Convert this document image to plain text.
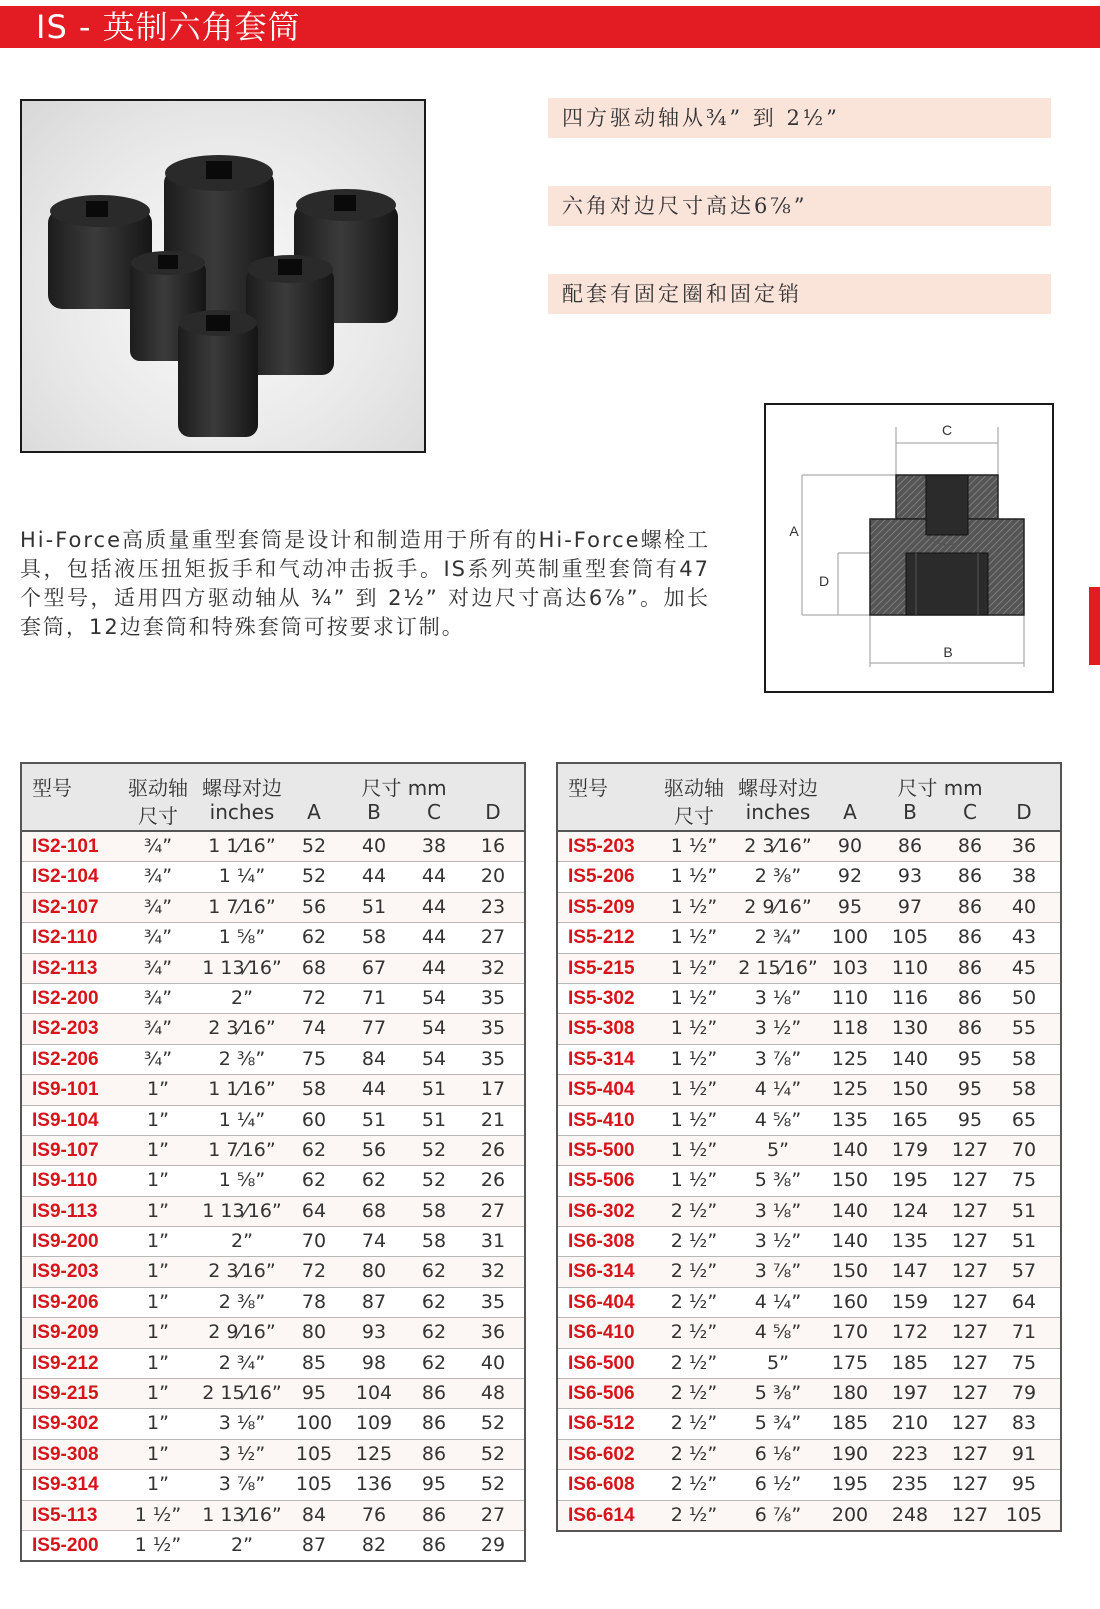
IS - 英制六角套筒
四方驱动轴从¾” 到 2½”
六角对边尺寸高达6⅞”
配套有固定圈和固定销
Hi-Force高质量重型套筒是设计和制造用于所有的Hi-Force螺栓工具，包括液压扭矩扳手和气动冲击扳手。IS系列英制重型套筒有47个型号，适用四方驱动轴从 ¾” 到 2½” 对边尺寸高达6⅞”。加长套筒，12边套筒和特殊套筒可按要求订制。
C
A
D
B
型号	驱动轴
尺寸
螺母对边
inches
尺寸 mm
A B C D
IS2-101 ¾” 1 1⁄16” 52 40 38 16
IS2-104 ¾” 1 ¼” 52 44 44 20
IS2-107 ¾” 1 7⁄16” 56 51 44 23
IS2-110 ¾” 1 ⅝” 62 58 44 27
IS2-113 ¾” 1 13⁄16” 68 67 44 32
IS2-200 ¾”	2”	72 71 54 35
IS2-203 ¾” 2 3⁄16” 74 77 54 35
IS2-206 ¾” 2 ⅜” 75 84 54 35
IS9-101	1” 1 1⁄16” 58 44 51 17
IS9-104	1”	1 ¼” 60 51 51 21
IS9-107	1” 1 7⁄16” 62 56 52 26
IS9-110	1”	1 ⅝” 62 62 52 26
IS9-113	1” 1 13⁄16” 64 68 58 27
IS9-200	1”	2”	70 74 58 31
IS9-203	1” 2 3⁄16” 72 80 62 32
IS9-206	1”	2 ⅜” 78 87 62 35
IS9-209	1” 2 9⁄16” 80 93 62 36
IS9-212	1”	2 ¾” 85 98 62 40
IS9-215	1” 2 15⁄16” 95 104 86 48
IS9-302	1”	3 ⅛” 100 109 86 52
IS9-308	1”	3 ½” 105 125 86 52
IS9-314	1”	3 ⅞” 105 136 95 52
IS5-113 1 ½” 1 13⁄16” 84 76 86 27
IS5-200 1 ½”	2”	87 82 86 29
型号	驱动轴
尺寸
螺母对边
inches
尺寸 mm
A B C D
IS5-203 1 ½” 2 3⁄16” 90 86 86 36
IS5-206 1 ½” 2 ⅜” 92 93 86 38
IS5-209 1 ½” 2 9⁄16” 95 97 86 40
IS5-212 1 ½” 2 ¾” 100 105 86 43
IS5-215 1 ½” 2 15⁄16” 103 110 86 45
IS5-302 1 ½” 3 ⅛” 110 116 86 50
IS5-308 1 ½” 3 ½” 118 130 86 55
IS5-314 1 ½” 3 ⅞” 125 140 95 58
IS5-404 1 ½” 4 ¼” 125 150 95 58
IS5-410 1 ½” 4 ⅝” 135 165 95 65
IS5-500 1 ½”	5” 140 179 127 70
IS5-506 1 ½” 5 ⅜” 150 195 127 75
IS6-302 2 ½” 3 ⅛” 140 124 127 51
IS6-308 2 ½” 3 ½” 140 135 127 51
IS6-314 2 ½” 3 ⅞” 150 147 127 57
IS6-404 2 ½” 4 ¼” 160 159 127 64
IS6-410 2 ½” 4 ⅝” 170 172 127 71
IS6-500 2 ½”	5” 175 185 127 75
IS6-506 2 ½” 5 ⅜” 180 197 127 79
IS6-512 2 ½” 5 ¾” 185 210 127 83
IS6-602 2 ½” 6 ⅛” 190 223 127 91
IS6-608 2 ½” 6 ½” 195 235 127 95
IS6-614 2 ½” 6 ⅞” 200 248 127 105
